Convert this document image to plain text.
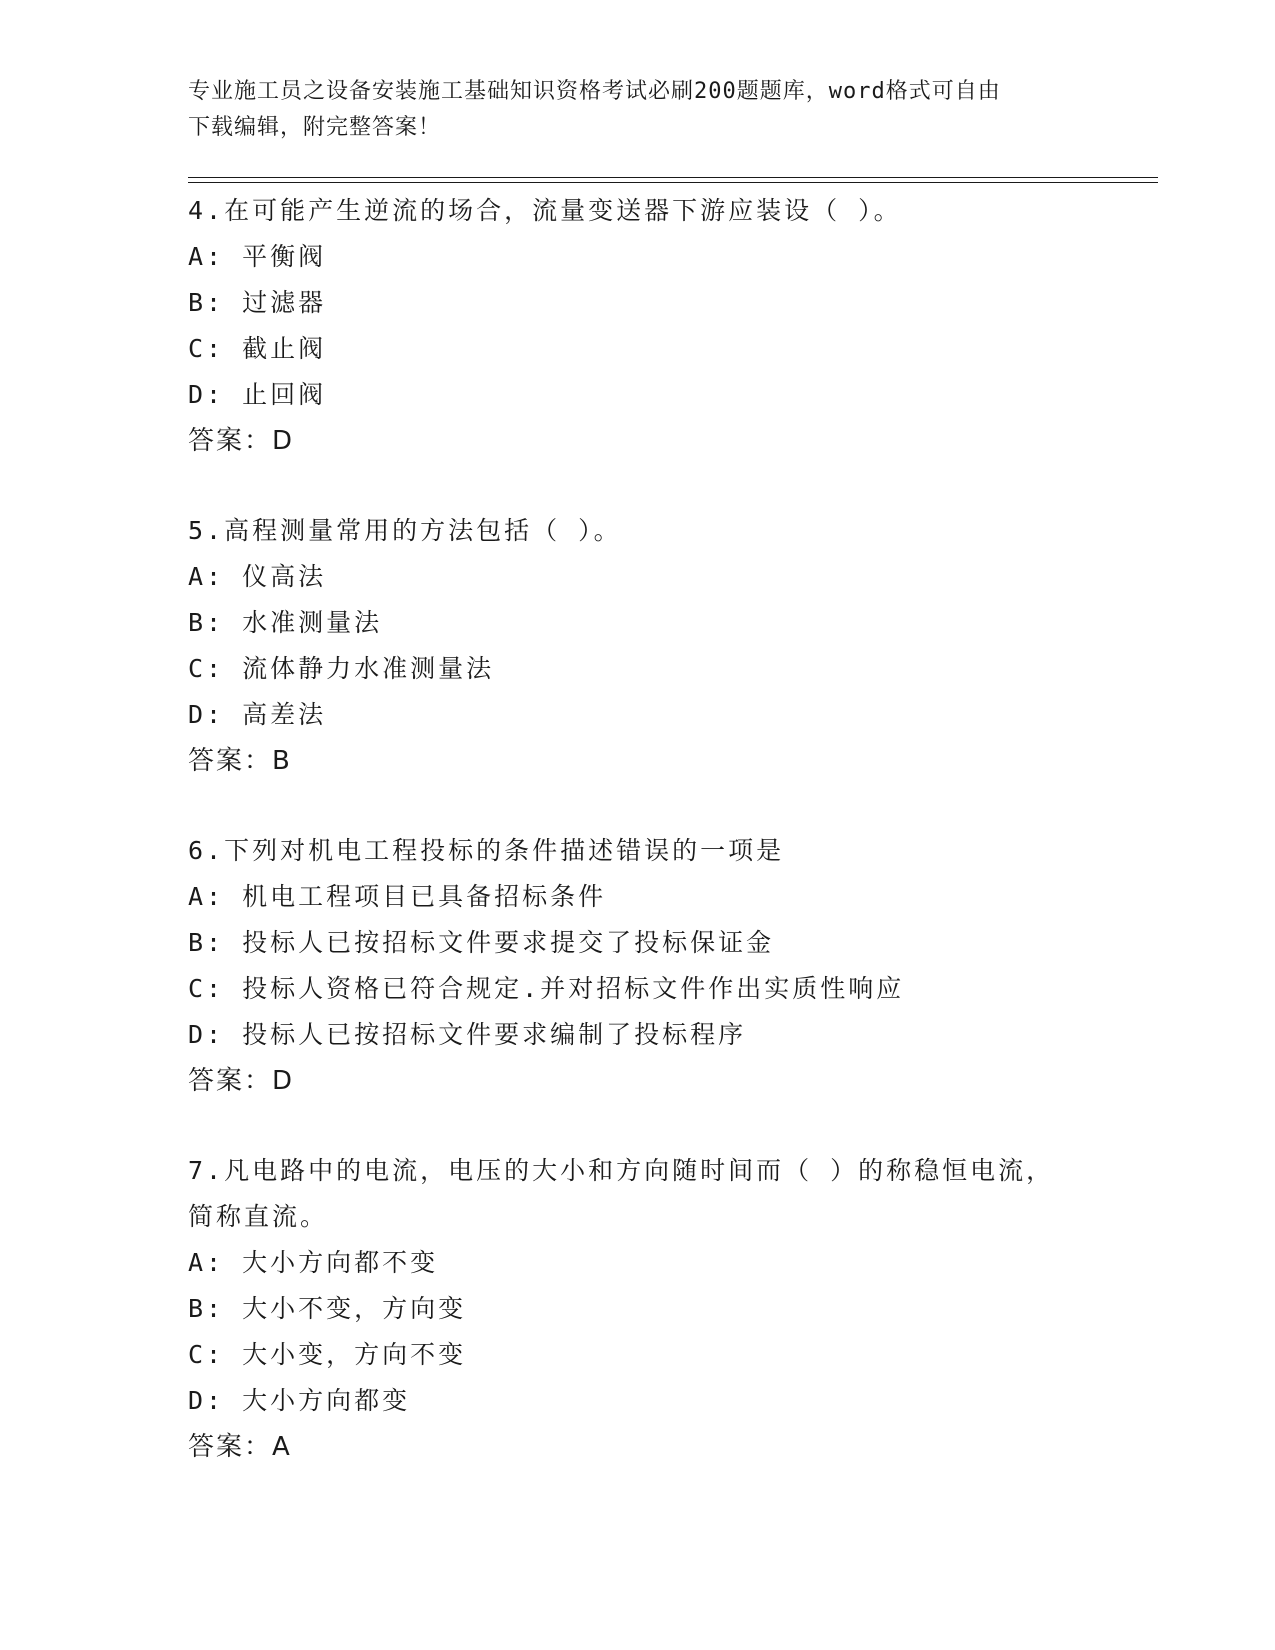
专业施工员之设备安装施工基础知识资格考试必刷200题题库，word格式可自由
下载编辑，附完整答案！
4.在可能产生逆流的场合，流量变送器下游应装设（ ）。
A: 平衡阀
B: 过滤器
C: 截止阀
D: 止回阀
答案：D
5.高程测量常用的方法包括（ ）。
A: 仪高法
B: 水准测量法
C: 流体静力水准测量法
D: 高差法
答案：B
6.下列对机电工程投标的条件描述错误的一项是
A: 机电工程项目已具备招标条件
B: 投标人已按招标文件要求提交了投标保证金
C: 投标人资格已符合规定.并对招标文件作出实质性响应
D: 投标人已按招标文件要求编制了投标程序
答案：D
7.凡电路中的电流，电压的大小和方向随时间而（ ）的称稳恒电流，
简称直流。
A: 大小方向都不变
B: 大小不变，方向变
C: 大小变，方向不变
D: 大小方向都变
答案：A
